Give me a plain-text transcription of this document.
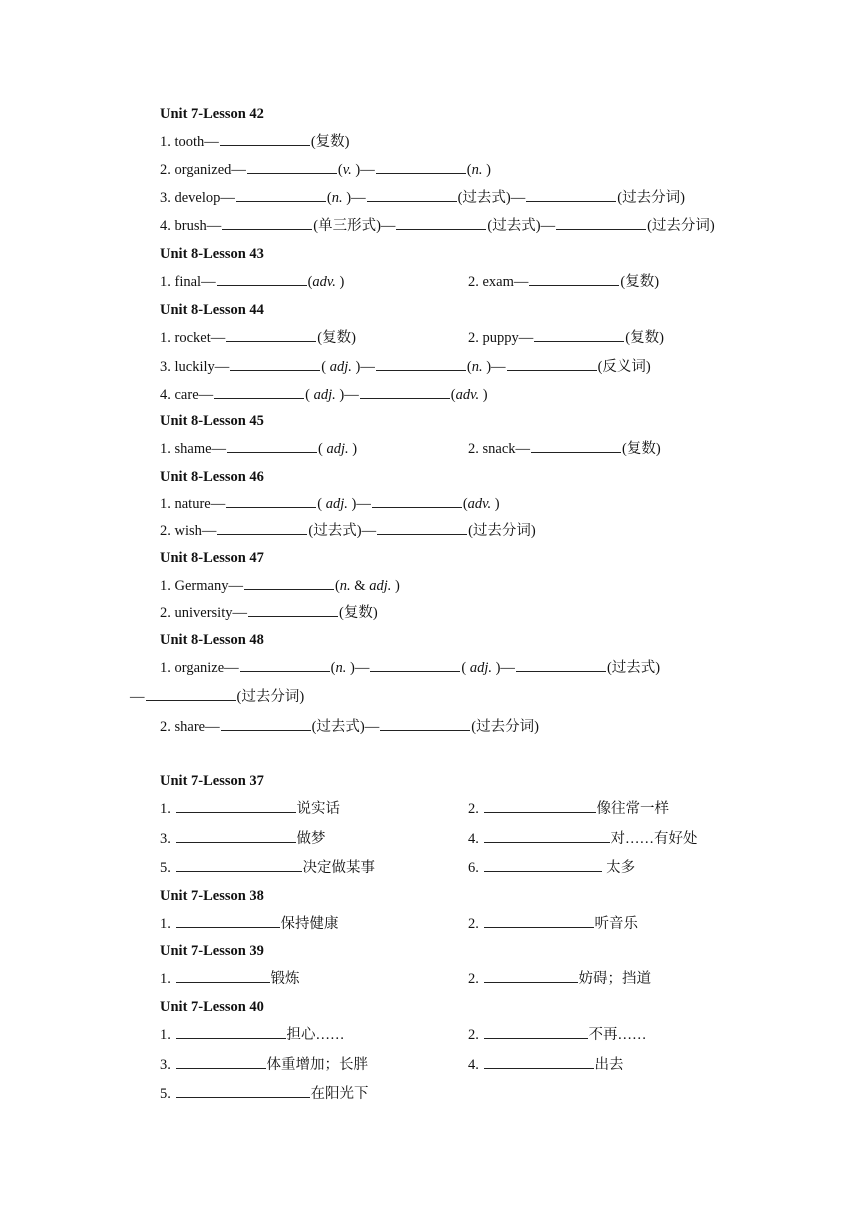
Unit 7-Lesson 42
1. tooth—	(复数)
2. organized—	(v. )—	(n. )
3. develop—	(n. )—	(过去式)—	(过去分词)
4. brush—	(单三形式)—	(过去式)—	(过去分词)
Unit 8-Lesson 43
1. final—	(adv. )	2. exam—	(复数)
Unit 8-Lesson 44
1. rocket—	(复数)	2. puppy—	(复数)
3. luckily—	( adj. )—	(n. )—	(反义词)
4. care—	( adj. )—	(adv. )
Unit 8-Lesson 45
1. shame—	( adj. )	2. snack—	(复数)
Unit 8-Lesson 46
1. nature—	( adj. )—	(adv. )
2. wish—	(过去式)—	(过去分词)
Unit 8-Lesson 47
1. Germany—	(n. & adj. )
2. university—	(复数)
Unit 8-Lesson 48
1. organize—	(n. )—	( adj. )—	(过去式)
—	(过去分词)
2. share—	(过去式)—	(过去分词)
Unit 7-Lesson 37
1.	说实话	2.	像往常一样
3.	做梦	4.	对……有好处
5.	决定做某事	6.	太多
Unit 7-Lesson 38
1.	保持健康	2.	听音乐
Unit 7-Lesson 39
1.	锻炼	2.	妨碍；挡道
Unit 7-Lesson 40
1.	担心……	2.	不再……
3.	体重增加；长胖	4.	出去
5.	在阳光下
